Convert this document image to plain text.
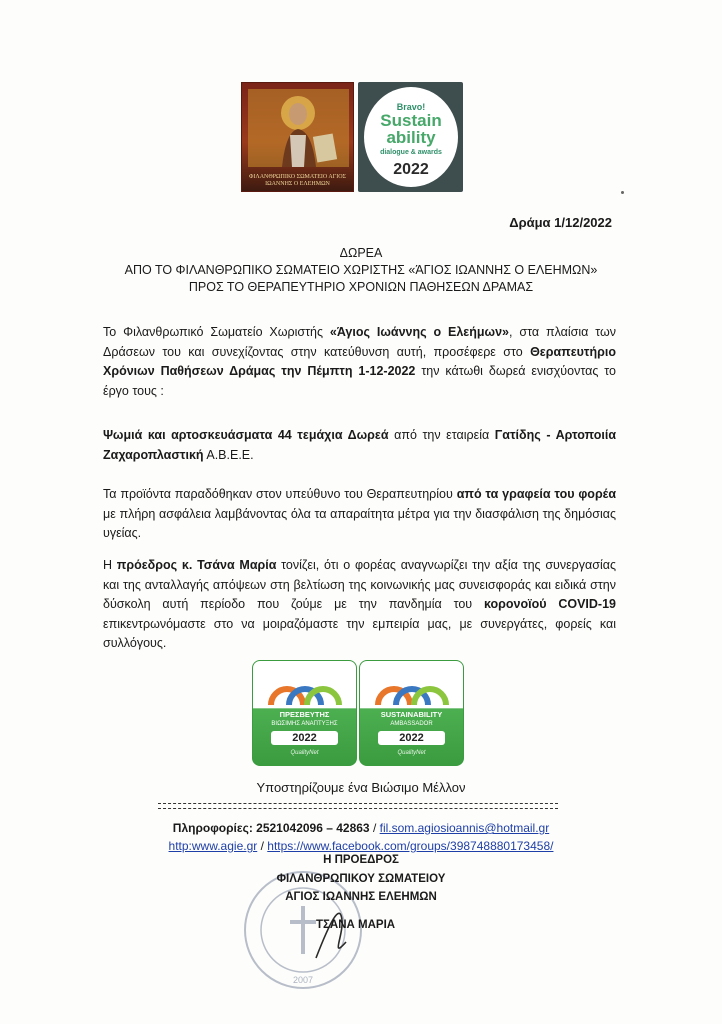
ΦΙΛΑΝΘΡΩΠΙΚΟ ΣΩΜΑΤΕΙΟ ΑΓΙΟΣ ΙΩΑΝΝΗΣ Ο ΕΛΕΗΜΩΝ
Bravo!
Sustain
ability
dialogue & awards
2022
Δράμα 1/12/2022
ΔΩΡΕΑ
ΑΠΟ ΤΟ ΦΙΛΑΝΘΡΩΠΙΚΟ ΣΩΜΑΤΕΙΟ ΧΩΡΙΣΤΗΣ «ΆΓΙΟΣ ΙΩΑΝΝΗΣ Ο ΕΛΕΗΜΩΝ»
ΠΡΟΣ ΤΟ ΘΕΡΑΠΕΥΤΗΡΙΟ ΧΡΟΝΙΩΝ ΠΑΘΗΣΕΩΝ ΔΡΑΜΑΣ
Το Φιλανθρωπικό Σωματείο Χωριστής «Άγιος Ιωάννης ο Ελεήμων», στα πλαίσια των Δράσεων του και συνεχίζοντας στην κατεύθυνση αυτή, προσέφερε στο Θεραπευτήριο Χρόνιων Παθήσεων Δράμας την Πέμπτη 1-12-2022 την κάτωθι δωρεά ενισχύοντας το έργο τους :
Ψωμιά και αρτοσκευάσματα 44 τεμάχια Δωρεά από την εταιρεία Γατίδης - Αρτοποιία Ζαχαροπλαστική Α.Β.Ε.Ε.
Τα προϊόντα παραδόθηκαν στον υπεύθυνο του Θεραπευτηρίου από τα γραφεία του φορέα με πλήρη ασφάλεια λαμβάνοντας όλα τα απαραίτητα μέτρα για την διασφάλιση της δημόσιας υγείας.
Η πρόεδρος κ. Τσάνα Μαρία τονίζει, ότι ο φορέας αναγνωρίζει την αξία της συνεργασίας και της ανταλλαγής απόψεων στη βελτίωση της κοινωνικής μας συνεισφοράς και ειδικά στην δύσκολη αυτή περίοδο που ζούμε με την πανδημία του κορονοϊού COVID-19 επικεντρωνόμαστε στο να μοιραζόμαστε την εμπειρία μας, με συνεργάτες, φορείς και συλλόγους.
ΠΡΕΣΒΕΥΤΗΣ
ΒΙΩΣΙΜΗΣ ΑΝΑΠΤΥΞΗΣ
2022
QualityNet
SUSTAINABILITY
AMBASSADOR
2022
QualityNet
Υποστηρίζουμε ένα Βιώσιμο Μέλλον
Πληροφορίες: 2521042096 – 42863 / fil.som.agiosioannis@hotmail.gr
http:www.agie.gr / https://www.facebook.com/groups/398748880173458/
2007
Η ΠΡΟΕΔΡΟΣ
ΦΙΛΑΝΘΡΩΠΙΚΟΥ ΣΩΜΑΤΕΙΟΥ
ΑΓΙΟΣ ΙΩΑΝΝΗΣ ΕΛΕΗΜΩΝ
ΤΣΑΝΑ ΜΑΡΙΑ
